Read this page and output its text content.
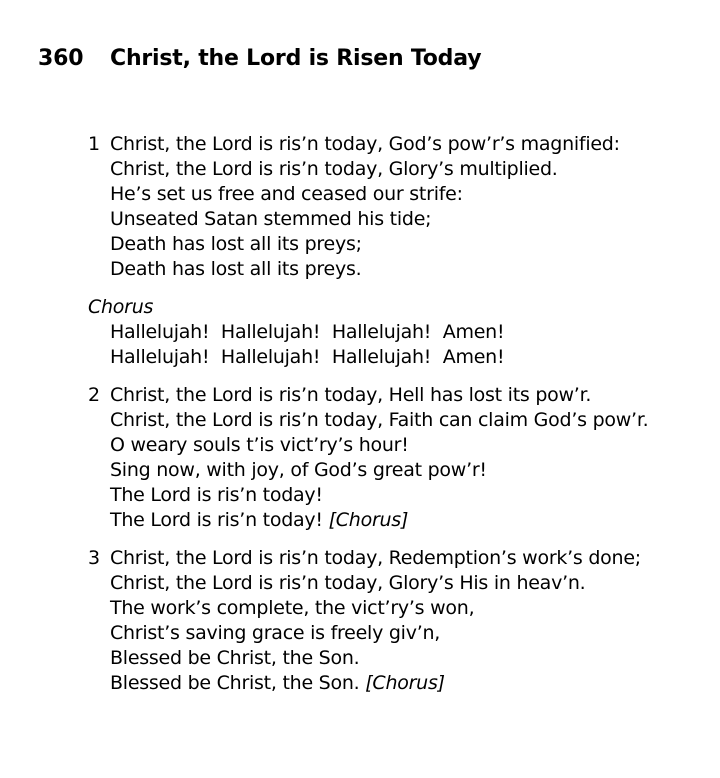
360 Christ, the Lord is Risen Today
1 Christ, the Lord is ris’n today, God’s pow’r’s magnified:
Christ, the Lord is ris’n today, Glory’s multiplied.
He’s set us free and ceased our strife:
Unseated Satan stemmed his tide;
Death has lost all its preys;
Death has lost all its preys.
Chorus
Hallelujah!  Hallelujah!  Hallelujah!  Amen!
Hallelujah!  Hallelujah!  Hallelujah!  Amen!
2 Christ, the Lord is ris’n today, Hell has lost its pow’r.
Christ, the Lord is ris’n today, Faith can claim God’s pow’r.
O weary souls t’is vict’ry’s hour!
Sing now, with joy, of God’s great pow’r!
The Lord is ris’n today!
The Lord is ris’n today! [ Chorus ]
3 Christ, the Lord is ris’n today, Redemption’s work’s done;
Christ, the Lord is ris’n today, Glory’s His in heav’n.
The work’s complete, the vict’ry’s won,
Christ’s saving grace is freely giv’n,
Blessed be Christ, the Son.
Blessed be Christ, the Son. [ Chorus ]
